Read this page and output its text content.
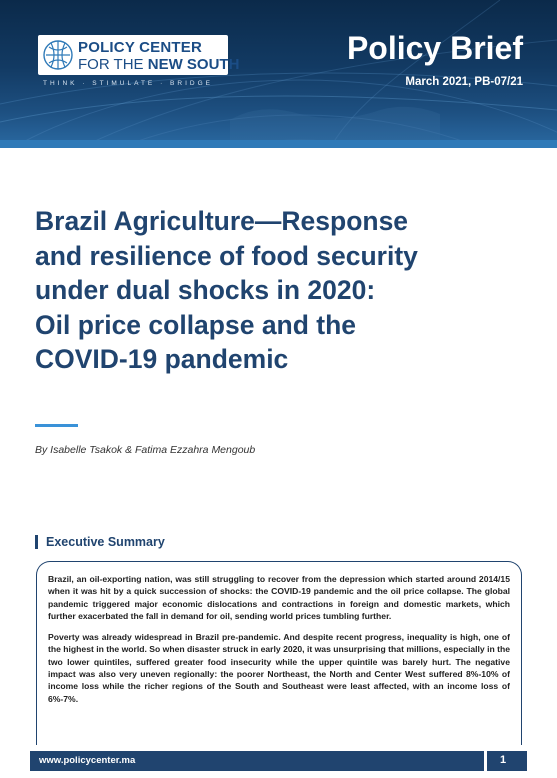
POLICY CENTER
FOR THE NEW SOUTH
THINK · STIMULATE · BRIDGE
Policy Brief
March 2021, PB-07/21
Brazil Agriculture—Response
and resilience of food security
under dual shocks in 2020:
Oil price collapse and the
COVID-19 pandemic
By Isabelle Tsakok & Fatima Ezzahra Mengoub
Executive Summary

Brazil, an oil-exporting nation, was still struggling to recover from the depression which started around 2014/15 when it was hit by a quick succession of shocks: the COVID-19 pandemic and the oil price collapse. The global pandemic triggered major economic dislocations and contractions in foreign and domestic markets, which further exacerbated the fall in demand for oil, sending world prices tumbling further.

Poverty was already widespread in Brazil pre-pandemic. And despite recent progress, inequality is high, one of the highest in the world. So when disaster struck in early 2020, it was unsurprising that millions, especially in the two lower quintiles, suffered greater food insecurity while the upper quintile was barely hurt. The negative impact was also very uneven regionally: the poorer Northeast, the North and Center West suffered 8%-10% of income loss while the richer regions of the South and Southeast were least affected, with an income loss of 6%-7%.

www.policycenter.ma	1
